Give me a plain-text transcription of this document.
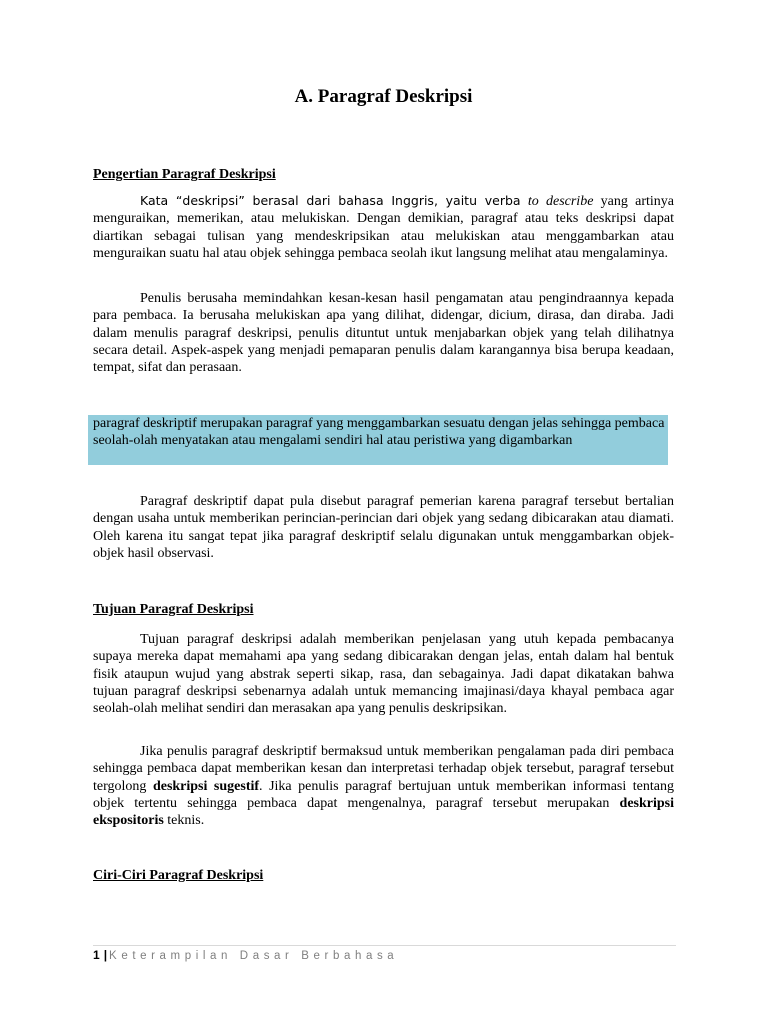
A. Paragraf Deskripsi
Pengertian Paragraf Deskripsi

Kata “deskripsi” berasal dari bahasa Inggris, yaitu verba to describe yang artinya menguraikan, memerikan, atau melukiskan. Dengan demikian, paragraf atau teks deskripsi dapat diartikan sebagai tulisan yang mendeskripsikan atau melukiskan atau menggambarkan atau menguraikan suatu hal atau objek sehingga pembaca seolah ikut langsung melihat atau mengalaminya.

Penulis berusaha memindahkan kesan-kesan hasil pengamatan atau pengindraannya kepada para pembaca. Ia berusaha melukiskan apa yang dilihat, didengar, dicium, dirasa, dan diraba. Jadi dalam menulis paragraf deskripsi, penulis dituntut untuk menjabarkan objek yang telah dilihatnya secara detail. Aspek-aspek yang menjadi pemaparan penulis dalam karangannya bisa berupa keadaan, tempat, sifat dan perasaan.

paragraf deskriptif merupakan paragraf yang menggambarkan sesuatu dengan jelas sehingga pembaca seolah-olah menyatakan atau mengalami sendiri hal atau peristiwa yang digambarkan

Paragraf deskriptif dapat pula disebut paragraf pemerian karena paragraf tersebut bertalian dengan usaha untuk memberikan perincian-perincian dari objek yang sedang dibicarakan atau diamati. Oleh karena itu sangat tepat jika paragraf deskriptif selalu digunakan untuk menggambarkan objek-objek hasil observasi.

Tujuan Paragraf Deskripsi

Tujuan paragraf deskripsi adalah memberikan penjelasan yang utuh kepada pembacanya supaya mereka dapat memahami apa yang sedang dibicarakan dengan jelas, entah dalam hal bentuk fisik ataupun wujud yang abstrak seperti sikap, rasa, dan sebagainya. Jadi dapat dikatakan bahwa tujuan paragraf deskripsi sebenarnya adalah untuk memancing imajinasi/daya khayal pembaca agar seolah-olah melihat sendiri dan merasakan apa yang penulis deskripsikan.

Jika penulis paragraf deskriptif bermaksud untuk memberikan pengalaman pada diri pembaca sehingga pembaca dapat memberikan kesan dan interpretasi terhadap objek tersebut, paragraf tersebut tergolong deskripsi sugestif. Jika penulis paragraf bertujuan untuk memberikan informasi tentang objek tertentu sehingga pembaca dapat mengenalnya, paragraf tersebut merupakan deskripsi ekspositoris teknis.

Ciri-Ciri Paragraf Deskripsi
1 | Keterampilan Dasar Berbahasa
